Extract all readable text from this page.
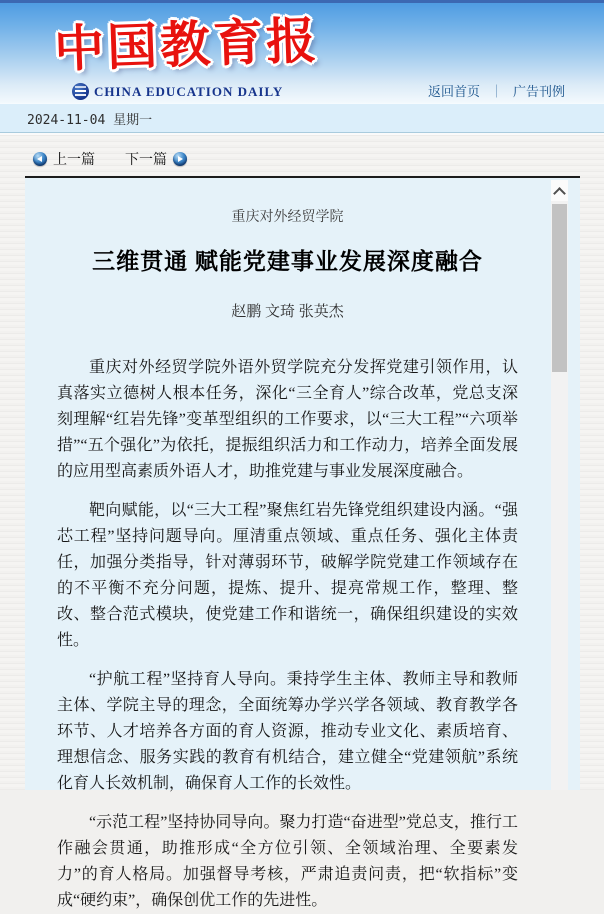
中国教育报
CHINA EDUCATION DAILY	返回首页 ｜ 广告刊例
2024-11-04 星期一
上一篇 下一篇
重庆对外经贸学院
三维贯通 赋能党建事业发展深度融合
赵鹏 文琦 张英杰

重庆对外经贸学院外语外贸学院充分发挥党建引领作用，认真落实立德树人根本任务，深化“三全育人”综合改革，党总支深刻理解“红岩先锋”变革型组织的工作要求，以“三大工程”“六项举措”“五个强化”为依托，提振组织活力和工作动力，培养全面发展的应用型高素质外语人才，助推党建与事业发展深度融合。

靶向赋能，以“三大工程”聚焦红岩先锋党组织建设内涵。“强芯工程”坚持问题导向。厘清重点领域、重点任务、强化主体责任，加强分类指导，针对薄弱环节，破解学院党建工作领域存在的不平衡不充分问题，提炼、提升、提亮常规工作，整理、整改、整合范式模块，使党建工作和谐统一，确保组织建设的实效性。

“护航工程”坚持育人导向。秉持学生主体、教师主导和教师主体、学院主导的理念，全面统筹办学兴学各领域、教育教学各环节、人才培养各方面的育人资源，推动专业文化、素质培育、理想信念、服务实践的教育有机结合，建立健全“党建领航”系统化育人长效机制，确保育人工作的长效性。

“示范工程”坚持协同导向。聚力打造“奋进型”党总支，推行工作融会贯通，助推形成“全方位引领、全领域治理、全要素发力”的育人格局。加强督导考核，严肃追责问责，把“软指标”变成“硬约束”，确保创优工作的先进性。
